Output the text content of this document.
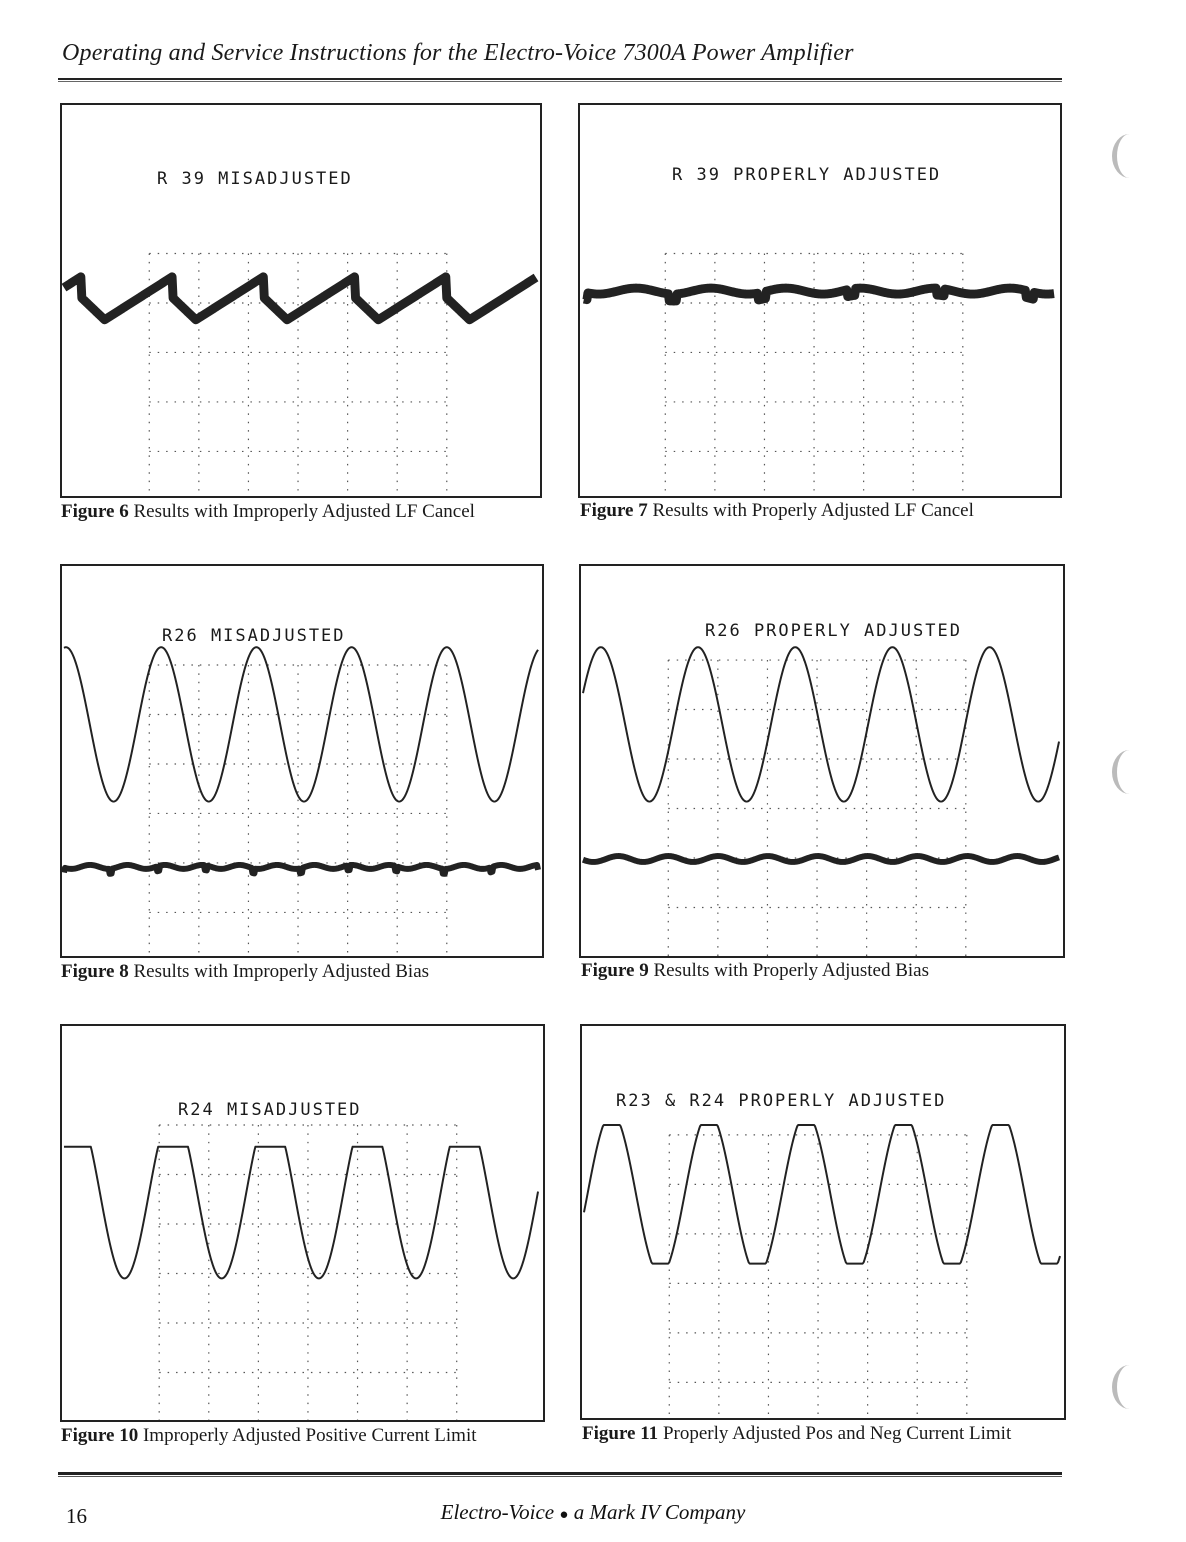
Operating and Service Instructions for the Electro-Voice 7300A Power Amplifier
R 39 MISADJUSTED
Figure 6 Results with Improperly Adjusted LF Cancel
R 39 PROPERLY ADJUSTED
Figure 7 Results with Properly Adjusted LF Cancel
R26 MISADJUSTED
Figure 8 Results with Improperly Adjusted Bias
R26 PROPERLY ADJUSTED
Figure 9 Results with Properly Adjusted Bias
R24 MISADJUSTED
Figure 10 Improperly Adjusted Positive Current Limit
R23 & R24 PROPERLY ADJUSTED
Figure 11 Properly Adjusted Pos and Neg Current Limit
16	Electro-Voice ● a Mark IV Company
